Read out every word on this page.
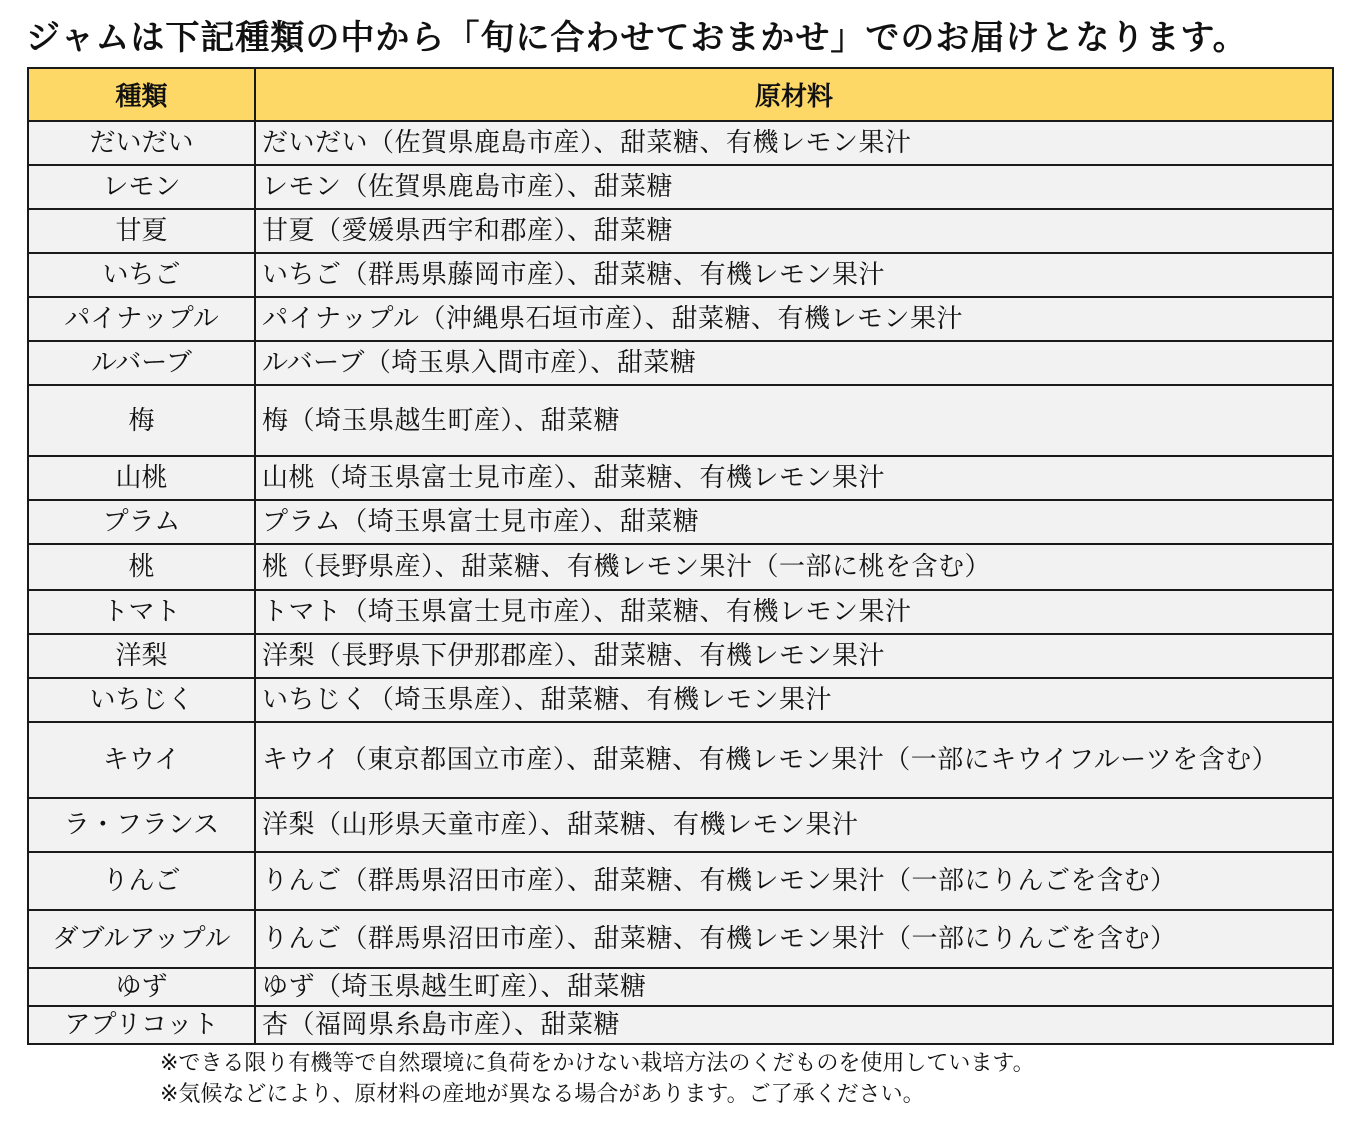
ジャムは下記種類の中から「旬に合わせておまかせ」でのお届けとなります。
種類	原材料
だいだい	だいだい（佐賀県鹿島市産）、甜菜糖、有機レモン果汁
レモン	レモン（佐賀県鹿島市産）、甜菜糖
甘夏	甘夏（愛媛県西宇和郡産）、甜菜糖
いちご	いちご（群馬県藤岡市産）、甜菜糖、有機レモン果汁
パイナップル	パイナップル（沖縄県石垣市産）、甜菜糖、有機レモン果汁
ルバーブ	ルバーブ（埼玉県入間市産）、甜菜糖
梅	梅（埼玉県越生町産）、甜菜糖
山桃	山桃（埼玉県富士見市産）、甜菜糖、有機レモン果汁
プラム	プラム（埼玉県富士見市産）、甜菜糖
桃	桃（長野県産）、甜菜糖、有機レモン果汁（一部に桃を含む）
トマト	トマト（埼玉県富士見市産）、甜菜糖、有機レモン果汁
洋梨	洋梨（長野県下伊那郡産）、甜菜糖、有機レモン果汁
いちじく	いちじく（埼玉県産）、甜菜糖、有機レモン果汁
キウイ	キウイ（東京都国立市産）、甜菜糖、有機レモン果汁（一部にキウイフルーツを含む）
ラ・フランス	洋梨（山形県天童市産）、甜菜糖、有機レモン果汁
りんご	りんご（群馬県沼田市産）、甜菜糖、有機レモン果汁（一部にりんごを含む）
ダブルアップル	りんご（群馬県沼田市産）、甜菜糖、有機レモン果汁（一部にりんごを含む）
ゆず	ゆず（埼玉県越生町産）、甜菜糖
アプリコット	杏（福岡県糸島市産）、甜菜糖
※できる限り有機等で自然環境に負荷をかけない栽培方法のくだものを使用しています。
※気候などにより、原材料の産地が異なる場合があります。ご了承ください。
